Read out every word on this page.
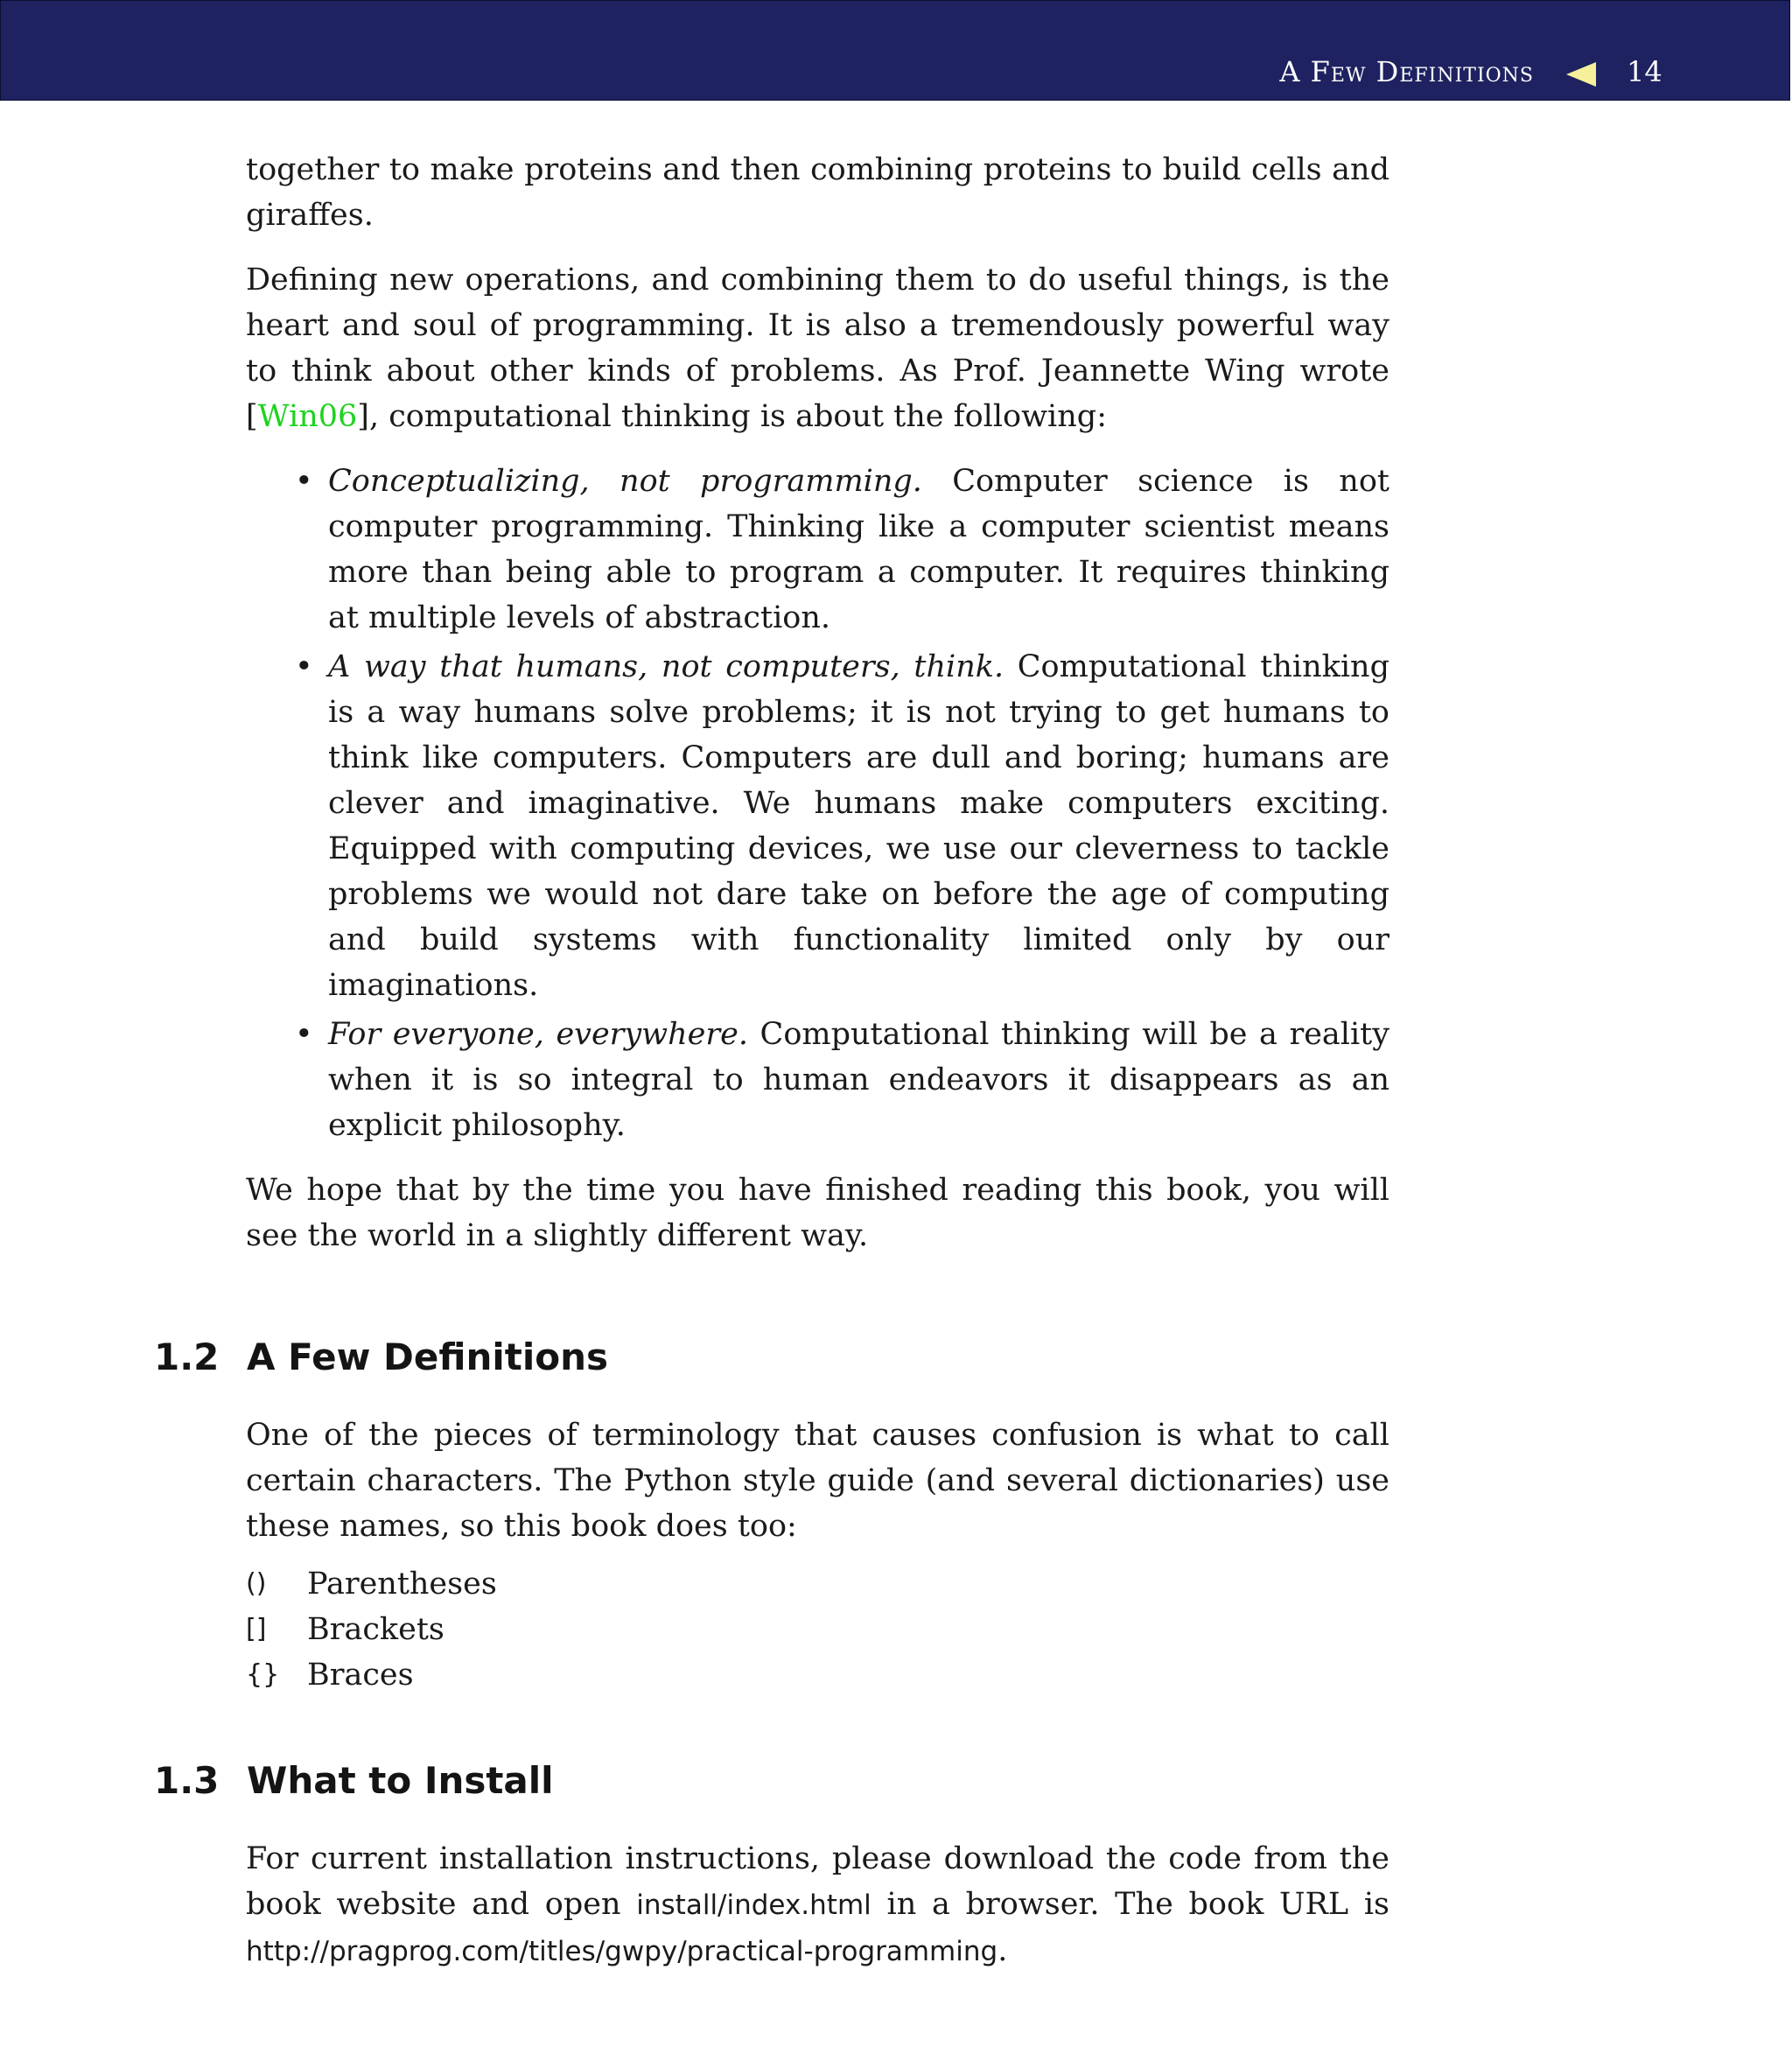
A Few Definitions	14

together to make proteins and then combining proteins to build cells and giraffes.

Defining new operations, and combining them to do useful things, is the heart and soul of programming. It is also a tremendously powerful way to think about other kinds of problems. As Prof. Jeannette Wing wrote [Win06], computational thinking is about the following:

• Conceptualizing, not programming. Computer science is not computer programming. Thinking like a computer scientist means more than being able to program a computer. It requires thinking at multiple levels of abstraction.
• A way that humans, not computers, think. Computational thinking is a way humans solve problems; it is not trying to get humans to think like computers. Computers are dull and boring; humans are clever and imaginative. We humans make computers exciting. Equipped with computing devices, we use our cleverness to tackle problems we would not dare take on before the age of computing and build systems with functionality limited only by our imaginations.
• For everyone, everywhere. Computational thinking will be a reality when it is so integral to human endeavors it disappears as an explicit philosophy.

We hope that by the time you have finished reading this book, you will see the world in a slightly different way.

1.2 A Few Definitions

One of the pieces of terminology that causes confusion is what to call certain characters. The Python style guide (and several dictionaries) use these names, so this book does too:

()	Parentheses
[]	Brackets
{} Braces
1.3 What to Install

For current installation instructions, please download the code from the book website and open install/index.html in a browser. The book URL is http://pragprog.com/titles/gwpy/practical-programming.
